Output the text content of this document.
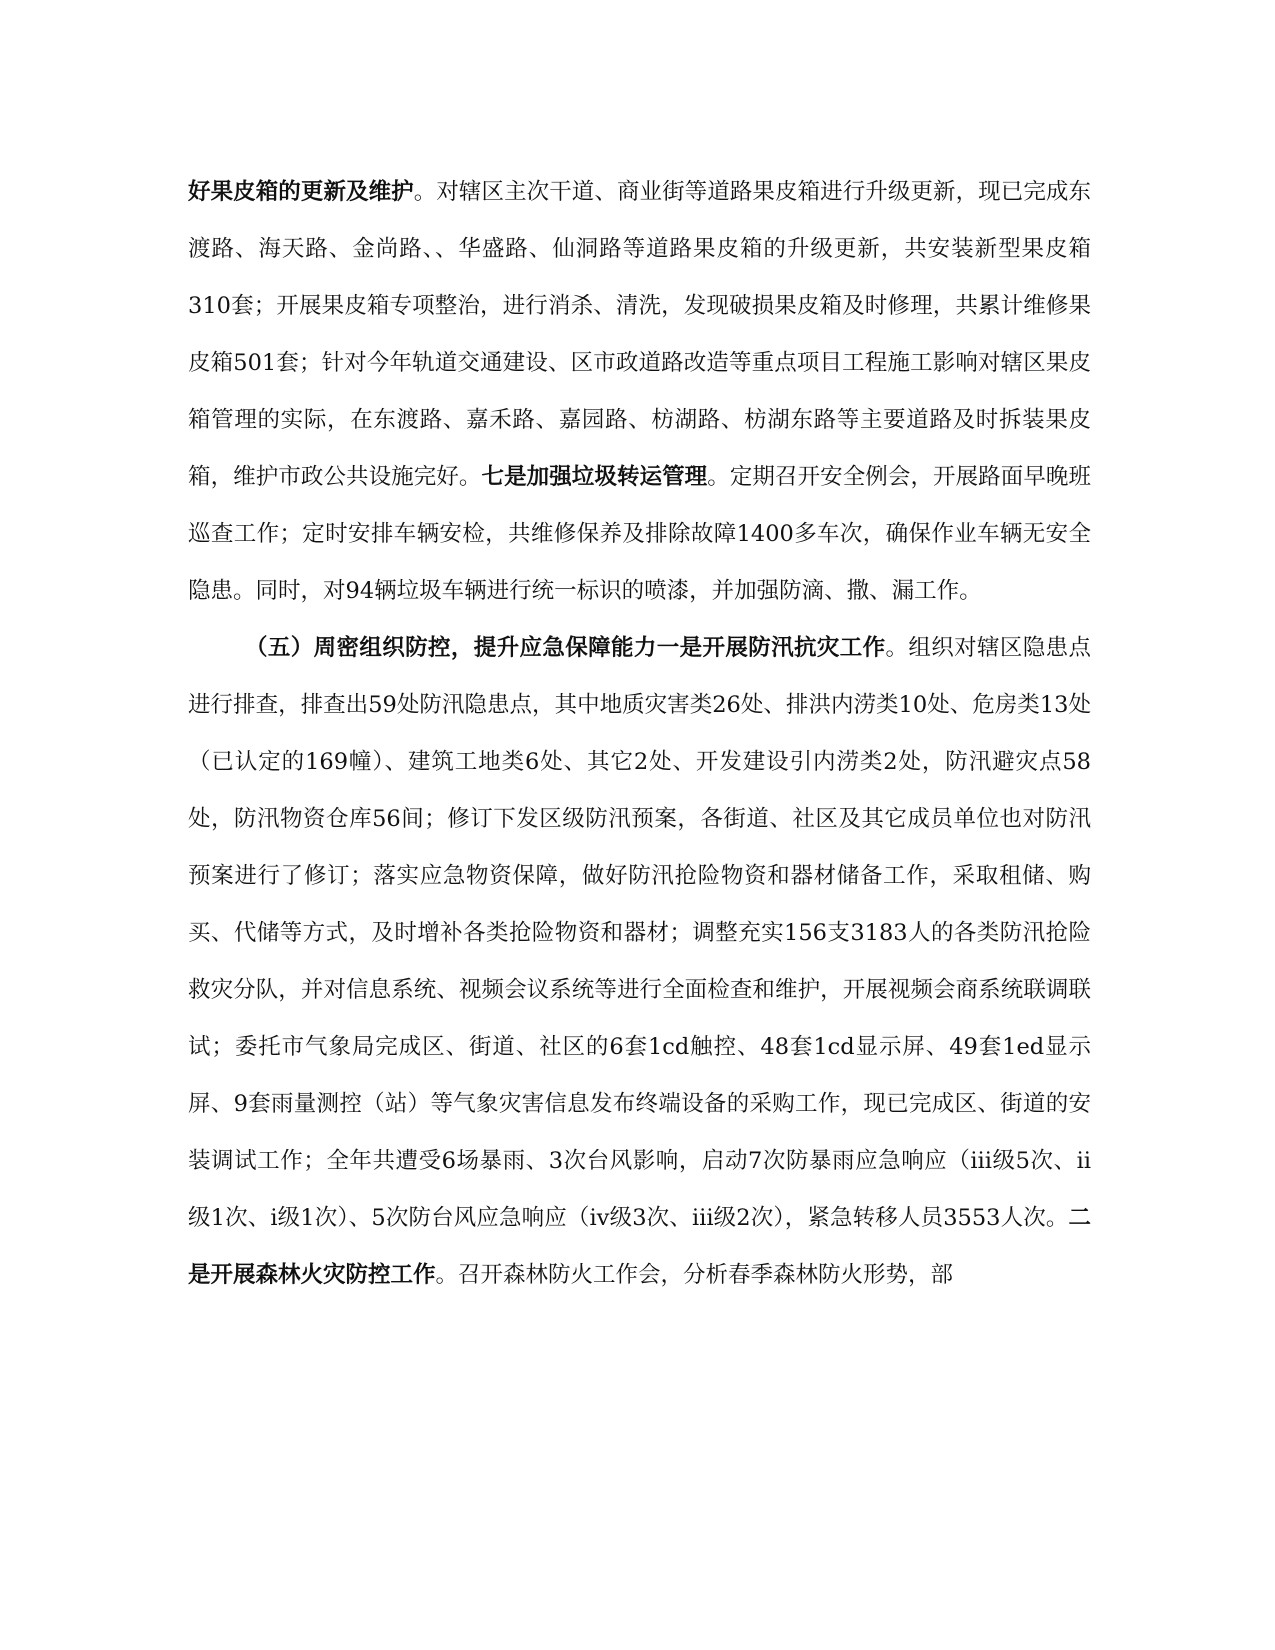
好果皮箱的更新及维护。对辖区主次干道、商业街等道路果皮箱进行升级更新，现已完成东渡路、海天路、金尚路、、华盛路、仙洞路等道路果皮箱的升级更新，共安装新型果皮箱310套；开展果皮箱专项整治，进行消杀、清洗，发现破损果皮箱及时修理，共累计维修果皮箱501套；针对今年轨道交通建设、区市政道路改造等重点项目工程施工影响对辖区果皮箱管理的实际，在东渡路、嘉禾路、嘉园路、枋湖路、枋湖东路等主要道路及时拆装果皮箱，维护市政公共设施完好。七是加强垃圾转运管理。定期召开安全例会，开展路面早晚班巡查工作；定时安排车辆安检，共维修保养及排除故障1400多车次，确保作业车辆无安全隐患。同时，对94辆垃圾车辆进行统一标识的喷漆，并加强防滴、撒、漏工作。

（五）周密组织防控，提升应急保障能力一是开展防汛抗灾工作。组织对辖区隐患点进行排查，排查出59处防汛隐患点，其中地质灾害类26处、排洪内涝类10处、危房类13处（已认定的169幢）、建筑工地类6处、其它2处、开发建设引内涝类2处，防汛避灾点58处，防汛物资仓库56间；修订下发区级防汛预案，各街道、社区及其它成员单位也对防汛预案进行了修订；落实应急物资保障，做好防汛抢险物资和器材储备工作，采取租储、购买、代储等方式，及时增补各类抢险物资和器材；调整充实156支3183人的各类防汛抢险救灾分队，并对信息系统、视频会议系统等进行全面检查和维护，开展视频会商系统联调联试；委托市气象局完成区、街道、社区的6套1cd触控、48套1cd显示屏、49套1ed显示屏、9套雨量测控（站）等气象灾害信息发布终端设备的采购工作，现已完成区、街道的安装调试工作；全年共遭受6场暴雨、3次台风影响，启动7次防暴雨应急响应（ⅲ级5次、ⅱ级1次、ⅰ级1次）、5次防台风应急响应（ⅳ级3次、ⅲ级2次），紧急转移人员3553人次。二是开展森林火灾防控工作。召开森林防火工作会，分析春季森林防火形势，部
